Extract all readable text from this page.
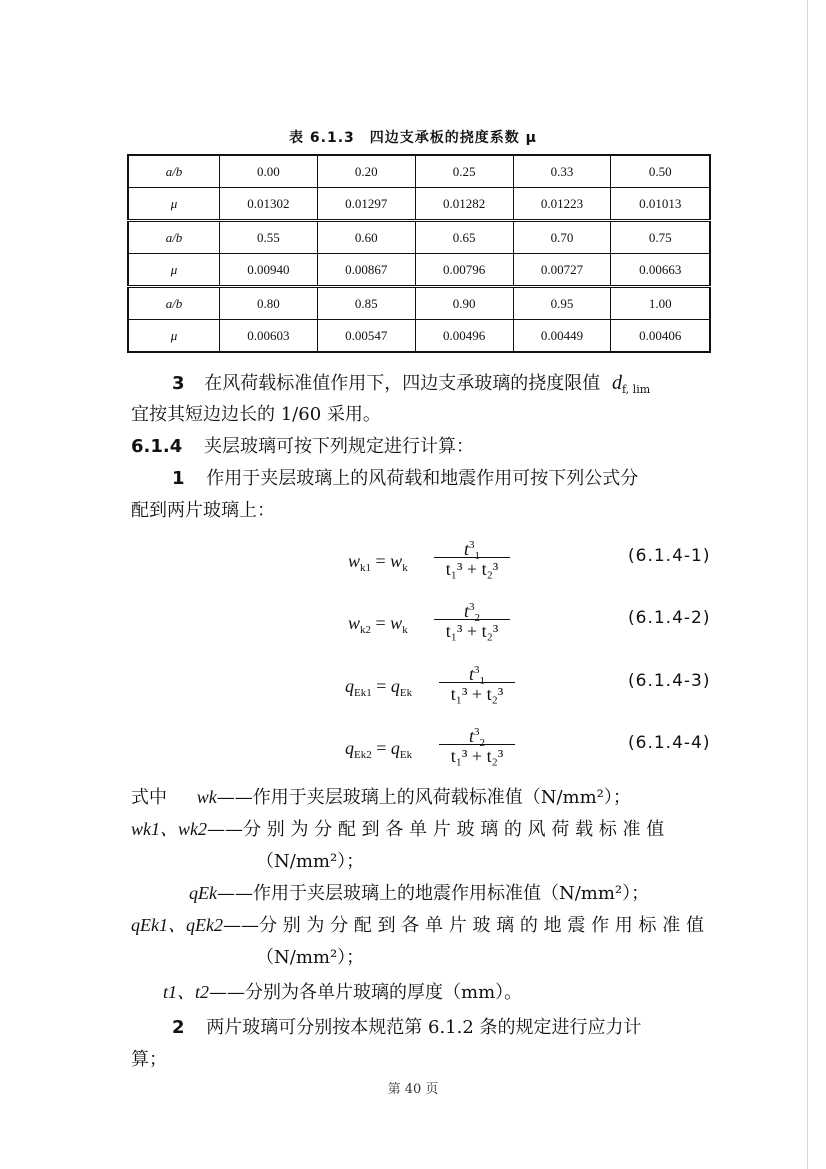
表 6.1.3　四边支承板的挠度系数 μ
a/b	0.00	0.20	0.25	0.33	0.50
μ	0.01302	0.01297	0.01282	0.01223	0.01013
a/b	0.55	0.60	0.65	0.70	0.75
μ	0.00940	0.00867	0.00796	0.00727	0.00663
a/b	0.80	0.85	0.90	0.95	1.00
μ	0.00603	0.00547	0.00496	0.00449	0.00406
3 在风荷载标准值作用下，四边支承玻璃的挠度限值 $d_{f, lim}$
宜按其短边边长的 1/60 采用。
6.1.4 夹层玻璃可按下列规定进行计算：
1 作用于夹层玻璃上的风荷载和地震作用可按下列公式分
配到两片玻璃上：
$w_{k1} = w_k$
$t^3_1$
t₁³ + t₂³
(6.1.4-1)
$w_{k2} = w_k$
$t^3_2$
t₁³ + t₂³
(6.1.4-2)
$q_{Ek1} = q_{Ek}$
$t^3_1$
t₁³ + t₂³
(6.1.4-3)
$q_{Ek2} = q_{Ek}$
$t^3_2$
t₁³ + t₂³
(6.1.4-4)
式中 wk——作用于夹层玻璃上的风荷载标准值（N/mm²）；
wk1、wk2——分 别 为 分 配 到 各 单 片 玻 璃 的 风 荷 载 标 准 值
（N/mm²）；
qEk——作用于夹层玻璃上的地震作用标准值（N/mm²）；
qEk1、qEk2——分 别 为 分 配 到 各 单 片 玻 璃 的 地 震 作 用 标 准 值
（N/mm²）；
t1、t2——分别为各单片玻璃的厚度（mm）。
2 两片玻璃可分别按本规范第 6.1.2 条的规定进行应力计
算；
第 40 页
